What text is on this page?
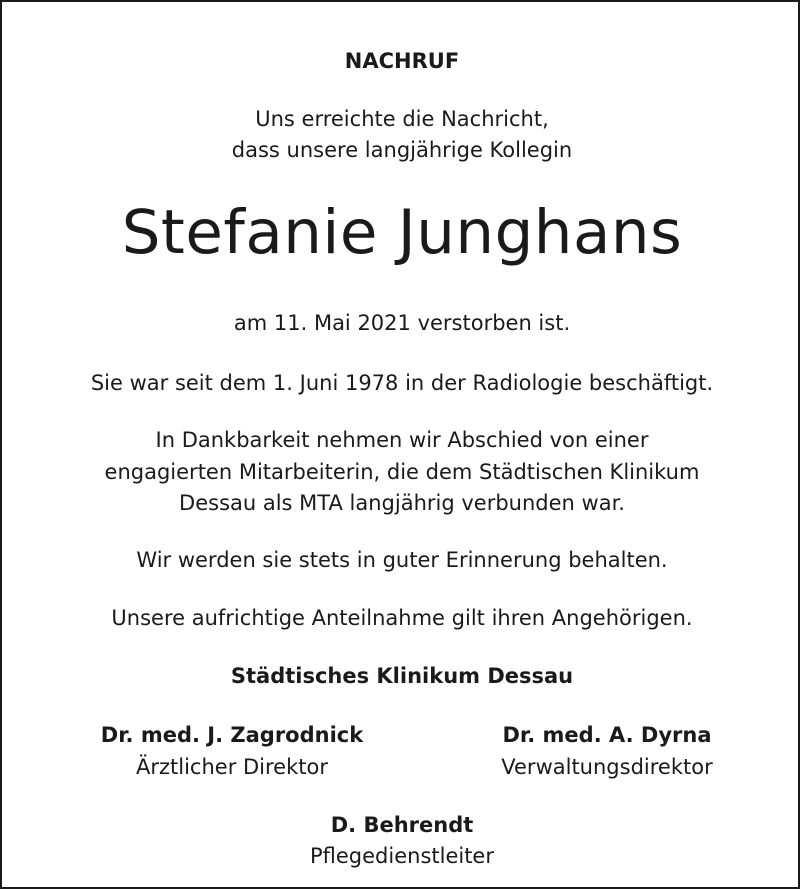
NACHRUF
Uns erreichte die Nachricht,
dass unsere langjährige Kollegin
Stefanie Junghans
am 11. Mai 2021 verstorben ist.
Sie war seit dem 1. Juni 1978 in der Radiologie beschäftigt.
In Dankbarkeit nehmen wir Abschied von einer
engagierten Mitarbeiterin, die dem Städtischen Klinikum
Dessau als MTA langjährig verbunden war.
Wir werden sie stets in guter Erinnerung behalten.
Unsere aufrichtige Anteilnahme gilt ihren Angehörigen.
Städtisches Klinikum Dessau
Dr. med. J. Zagrodnick
Ärztlicher Direktor
Dr. med. A. Dyrna
Verwaltungsdirektor
D. Behrendt
Pflegedienstleiter
